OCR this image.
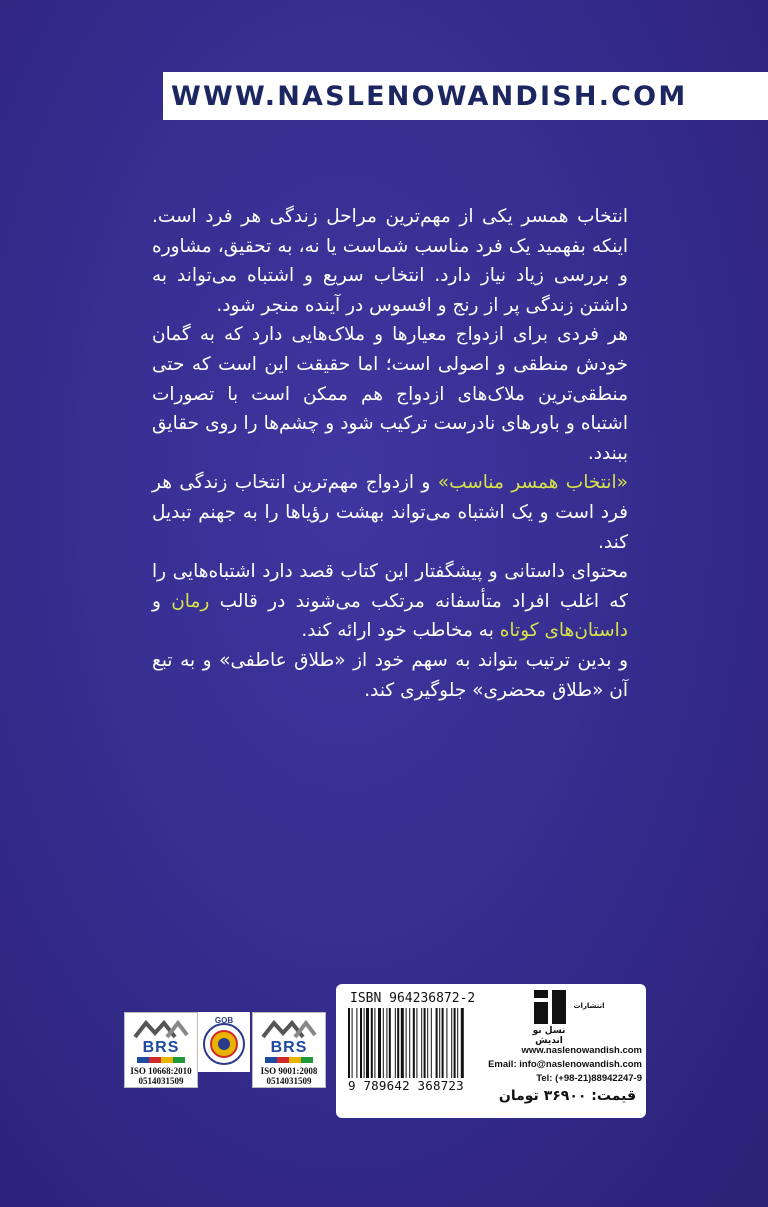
WWW.NASLENOWANDISH.COM

انتخاب همسر یکی از مهم‌ترین مراحل زندگی هر فرد است. اینکه بفهمید یک فرد مناسب شماست یا نه، به تحقیق، مشاوره و بررسی زیاد نیاز دارد. انتخاب سریع و اشتباه می‌تواند به داشتن زندگی پر از رنج و افسوس در آینده منجر شود.

هر فردی برای ازدواج معیارها و ملاک‌هایی دارد که به گمان خودش منطقی و اصولی است؛ اما حقیقت این است که حتی منطقی‌ترین ملاک‌های ازدواج هم ممکن است با تصورات اشتباه و باورهای نادرست ترکیب شود و چشم‌ها را روی حقایق ببندد.

«انتخاب همسر مناسب» و ازدواج مهم‌ترین انتخاب زندگی هر فرد است و یک اشتباه می‌تواند بهشت رؤیاها را به جهنم تبدیل کند.

محتوای داستانی و پیشگفتار این کتاب قصد دارد اشتباه‌هایی را که اغلب افراد متأسفانه مرتکب می‌شوند در قالب رمان و داستان‌های کوتاه به مخاطب خود ارائه کند.

و بدین ترتیب بتواند به سهم خود از «طلاق عاطفی» و به تبع آن «طلاق محضری» جلوگیری کند.

BRS
ISO 10668:2010
0514031509
GOB
BRS
ISO 9001:2008
0514031509
ISBN 964236872-2
9 789642 368723
انتشارات
نسل نو اندیش
www.naslenowandish.com
Email: info@naslenowandish.com
Tel: (+98-21)88942247-9
قیمت: ۳۶۹۰۰ تومان
